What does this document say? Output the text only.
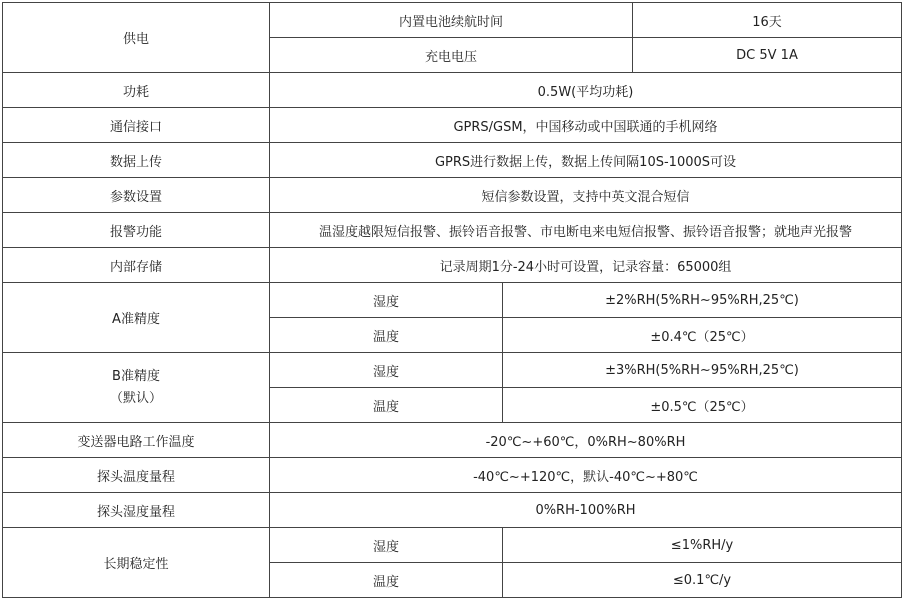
供电	内置电池续航时间		16天
	充电电压		DC 5V 1A
功耗	0.5W(平均功耗)		
通信接口	GPRS/GSM，中国移动或中国联通的手机网络		
数据上传	GPRS进行数据上传，数据上传间隔10S-1000S可设		
参数设置	短信参数设置，支持中英文混合短信		
报警功能	温湿度越限短信报警、振铃语音报警、市电断电来电短信报警、振铃语音报警；就地声光报警		
内部存储	记录周期1分-24小时可设置，记录容量：65000组		
A准精度	湿度	±2%RH(5%RH~95%RH,25℃)	
	温度	±0.4℃（25℃）	

B准精度
（默认）	湿度	±3%RH(5%RH~95%RH,25℃)	
	温度	±0.5℃（25℃）	
变送器电路工作温度	-20℃~+60℃，0%RH~80%RH		
探头温度量程	-40℃~+120℃，默认-40℃~+80℃		
探头湿度量程	0%RH-100%RH		
长期稳定性	湿度	≤1%RH/y	
	温度	≤0.1℃/y	
